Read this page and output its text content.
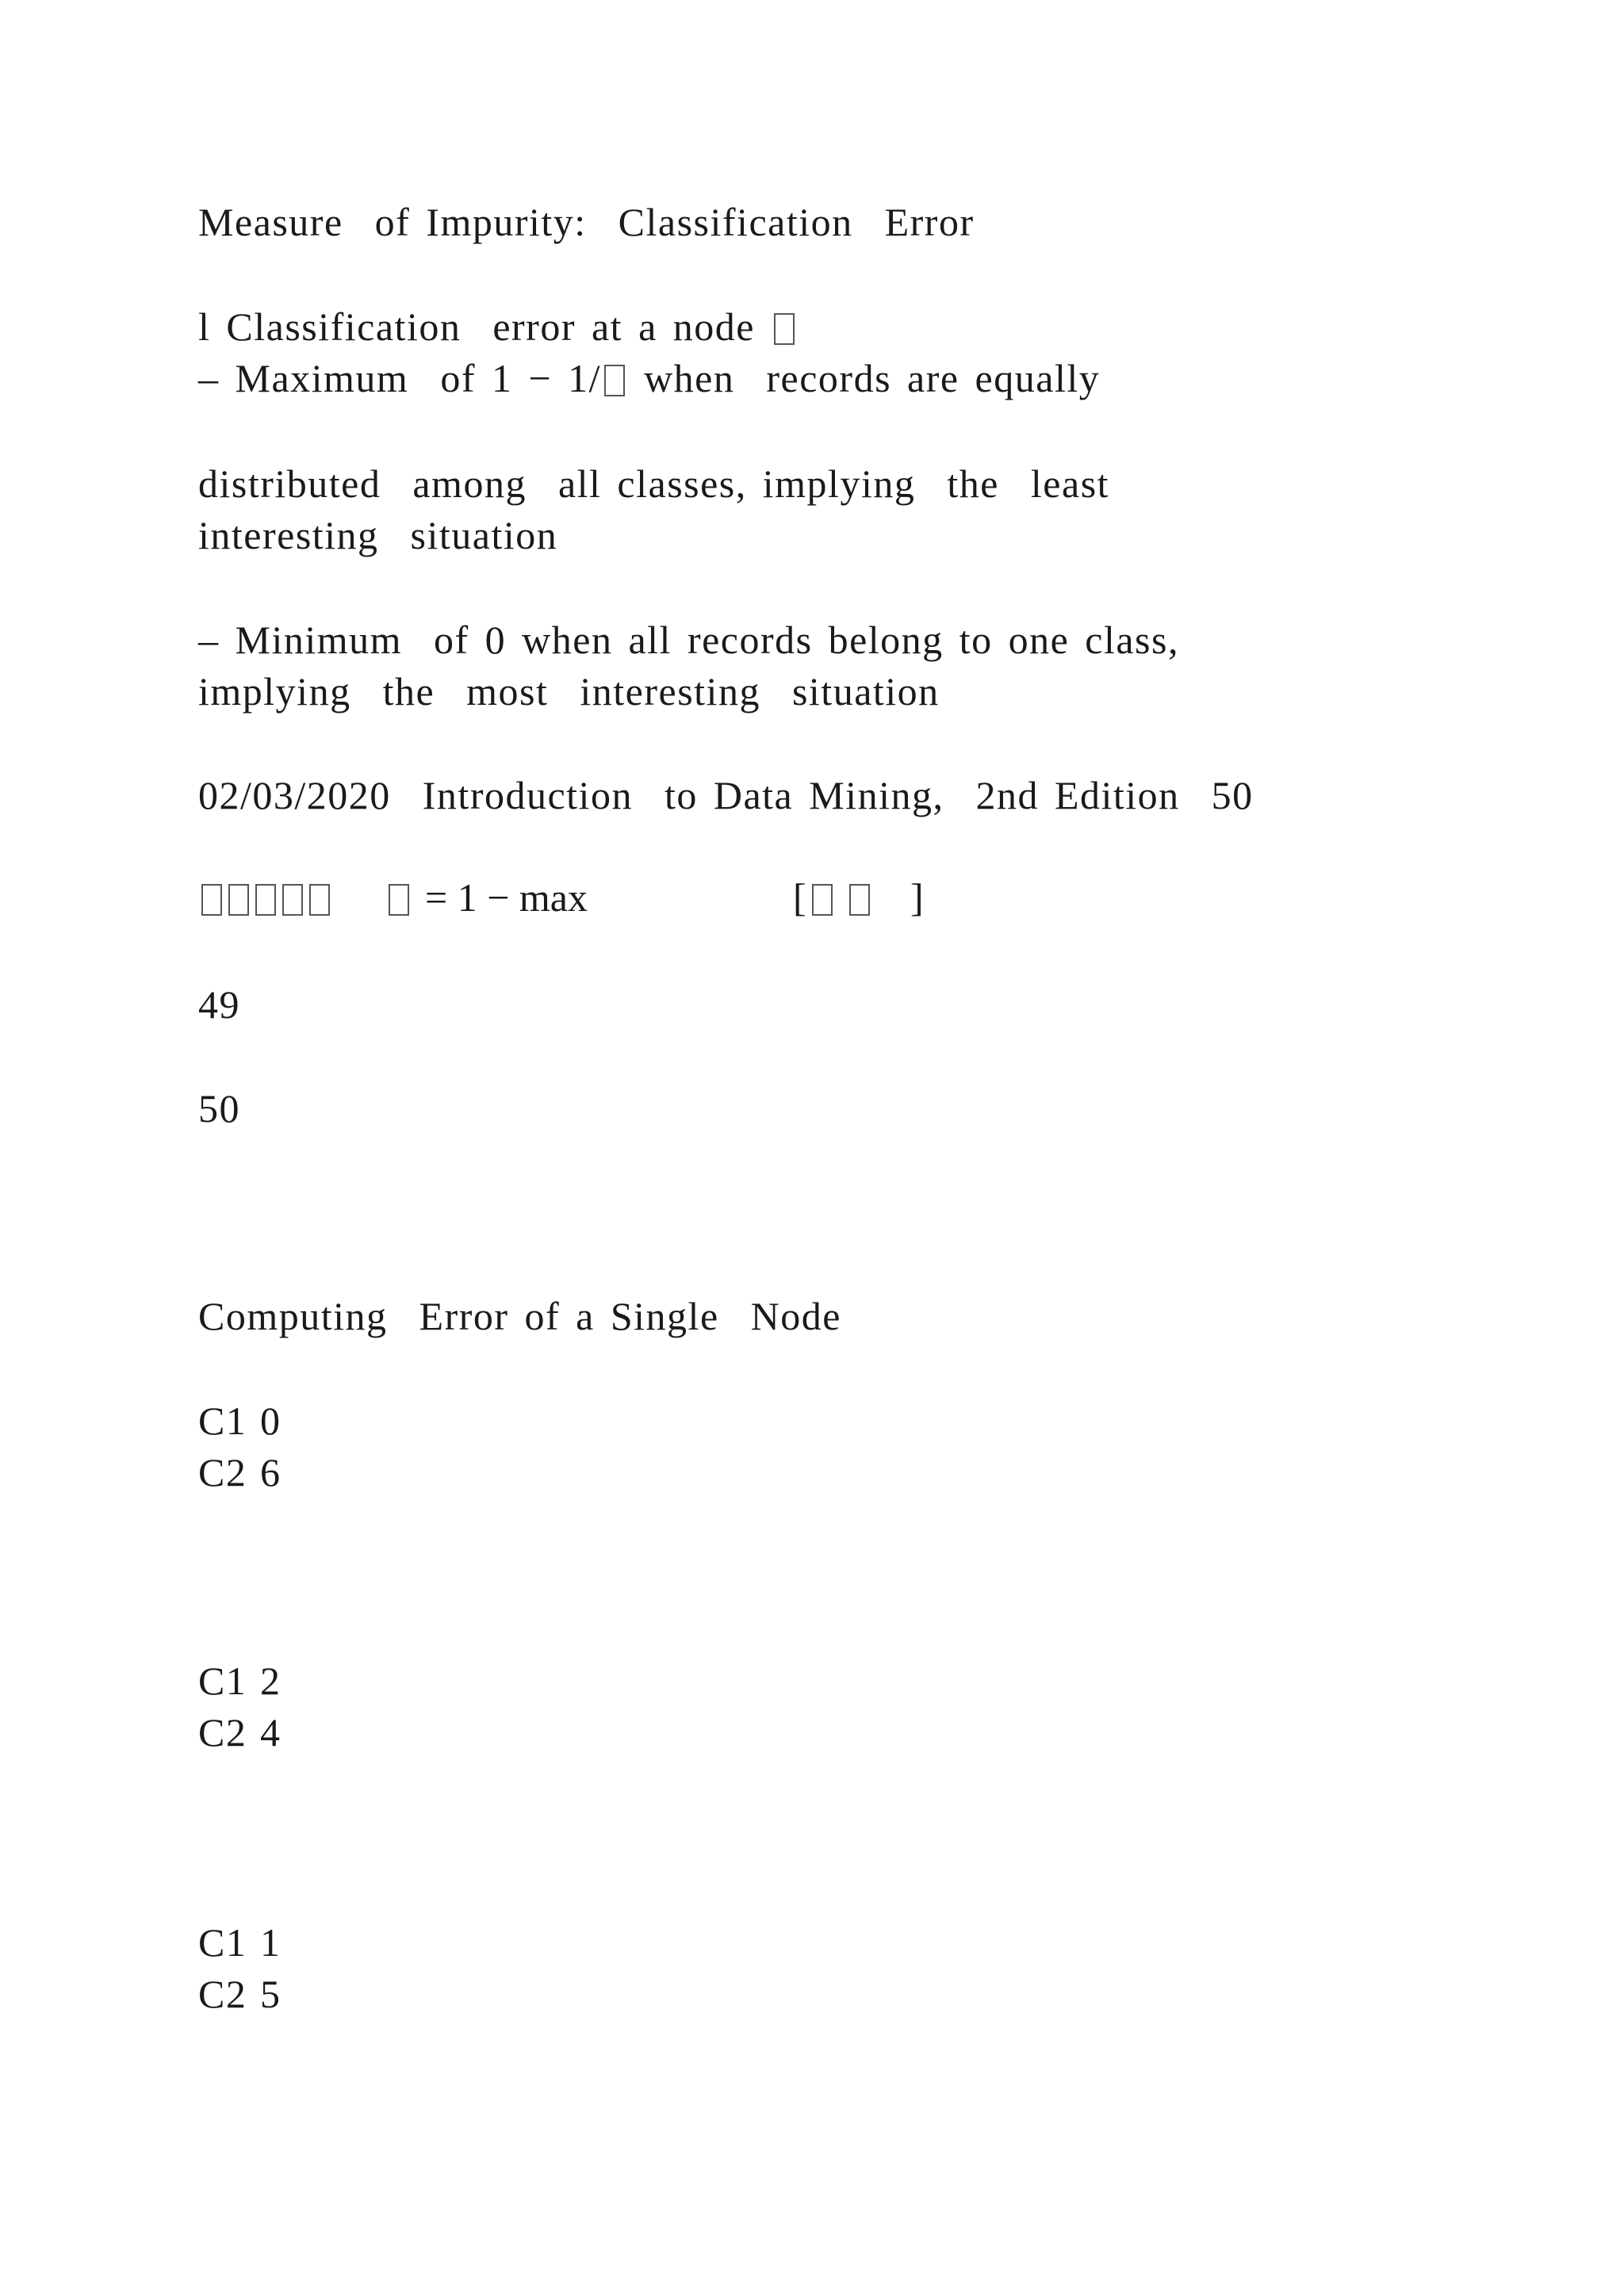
Measure  of Impurity:  Classification  Error
l Classification  error at a node
– Maximum  of 1 − 1/ when  records are equally
distributed  among  all classes, implying  the  least
interesting  situation
– Minimum  of 0 when all records belong to one class,
implying  the  most  interesting  situation
02/03/2020  Introduction  to Data Mining,  2nd Edition  50
= 1 − max	[
	]
49
50
Computing  Error of a Single  Node
C1 0
C2 6
C1 2
C2 4
C1 1
C2 5
